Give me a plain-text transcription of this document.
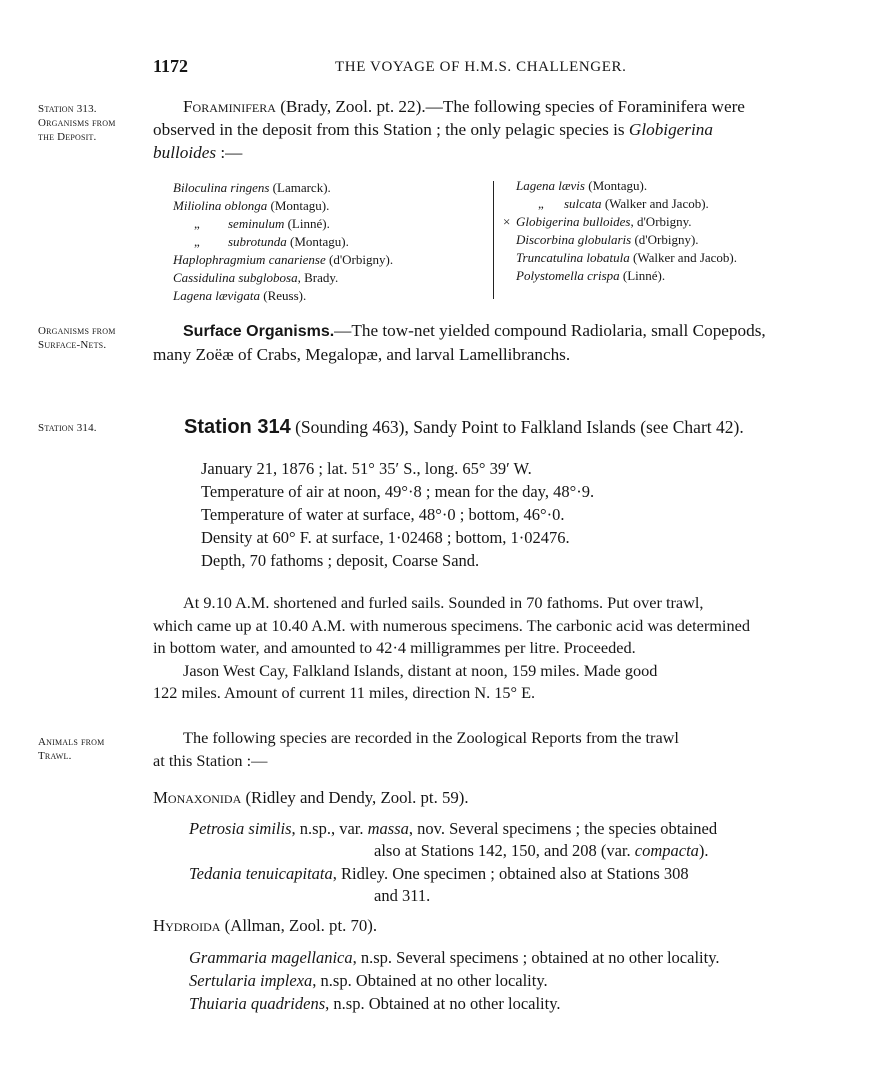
1172	THE VOYAGE OF H.M.S. CHALLENGER.
Station 313.
Organisms from
the Deposit.
Organisms from
Surface-Nets.
Station 314.
Animals from
Trawl.
Foraminifera (Brady, Zool. pt. 22).—The following species of Foraminifera were
observed in the deposit from this Station ; the only pelagic species is Globigerina
bulloides :—
Biloculina ringens (Lamarck).
Miliolina oblonga (Montagu).
„ seminulum (Linné).
„ subrotunda (Montagu).
Haplophragmium canariense (d'Orbigny).
Cassidulina subglobosa, Brady.
Lagena lævigata (Reuss).
Lagena lævis (Montagu).
„ sulcata (Walker and Jacob).
× Globigerina bulloides, d'Orbigny.
Discorbina globularis (d'Orbigny).
Truncatulina lobatula (Walker and Jacob).
Polystomella crispa (Linné).
Surface Organisms.—The tow-net yielded compound Radiolaria, small Copepods,
many Zoëæ of Crabs, Megalopæ, and larval Lamellibranchs.
Station 314 (Sounding 463), Sandy Point to Falkland Islands (see Chart 42).
January 21, 1876 ; lat. 51° 35′ S., long. 65° 39′ W.
Temperature of air at noon, 49°·8 ; mean for the day, 48°·9.
Temperature of water at surface, 48°·0 ; bottom, 46°·0.
Density at 60° F. at surface, 1·02468 ; bottom, 1·02476.
Depth, 70 fathoms ; deposit, Coarse Sand.
At 9.10 A.M. shortened and furled sails. Sounded in 70 fathoms. Put over trawl,
which came up at 10.40 A.M. with numerous specimens. The carbonic acid was determined
in bottom water, and amounted to 42·4 milligrammes per litre. Proceeded.
Jason West Cay, Falkland Islands, distant at noon, 159 miles. Made good
122 miles. Amount of current 11 miles, direction N. 15° E.
The following species are recorded in the Zoological Reports from the trawl
at this Station :—
Monaxonida (Ridley and Dendy, Zool. pt. 59).
Petrosia similis, n.sp., var. massa, nov. Several specimens ; the species obtained
also at Stations 142, 150, and 208 (var. compacta).
Tedania tenuicapitata, Ridley. One specimen ; obtained also at Stations 308
and 311.
Hydroida (Allman, Zool. pt. 70).
Grammaria magellanica, n.sp. Several specimens ; obtained at no other locality.
Sertularia implexa, n.sp. Obtained at no other locality.
Thuiaria quadridens, n.sp. Obtained at no other locality.
